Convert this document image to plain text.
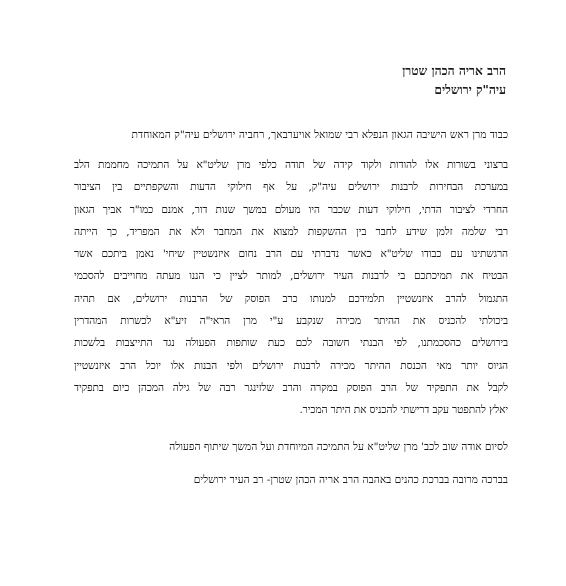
הרב אריה הכהן שטרן
עיה"ק ירושלים
כבוד מרן ראש הישיבה הגאון הנפלא רבי שמואל אויערבאך, רחביה ירושלים עיה"ק המאוחדת
ברצוני בשורות אלו להודות ולקוד קידה של תודה כלפי מרן שליט"א על התמיכה מחממת הלב
במערכת הבחירות לרבנות ירושלים עיה"ק, על אף חילוקי הדעות והשקפתיים בין הציבור
החרדי לציבור הדתי, חילוקי דעות שכבר היו מעולם במשך שנות דור, אמנם כמו"ר אביך הגאון
רבי שלמה זלמן שידע לחבר בין ההשקפות למצוא את המחבר ולא את המפריד, כך הייתה
הרגשתינו עם כבודו שליט"א כאשר נדברתי עם הרב נחום איזנשטיין שיחי' נאמן ביתכם אשר
הבטיח את תמיכתכם בי לרבנות העיר ירושלים, למותר לציין כי הננו מעתה מחוייבים להסכמי
התגמול להרב איזנשטיין תלמידכם למנותו כרב הפוסק של הרבנות ירושלים, אם תהיה
ביכולתי להכניס את ההיתר מכירה שנקבע ע"י מרן הראי"ה זיע"א לכשרות המהדרין
בירושלים כהסכמתנו, לפי הבנתי חשובה לכם כעת שותפות הפעולה נגד התייצבות בלשכות
הגיוס יותר מאי הכנסת ההיתר מכירה לרבנות ירושלים ולפי הבנות אלו יוכל הרב איזנשטיין
לקבל את התפקיד של הרב הפוסק במקרה והרב שלזינגר רבה של גילה המכהן כיום בתפקיד
יאלץ להתפטר עקב דרישתי להכניס את היתר המכיר.
לסיום אודה שוב לכב' מרן שליט"א על התמיכה המיוחדת ועל המשך שיתוף הפעולה
בברכה מרובה בברכת כהנים באהבה הרב אריה הכהן שטרן- רב העיר ירושלים
